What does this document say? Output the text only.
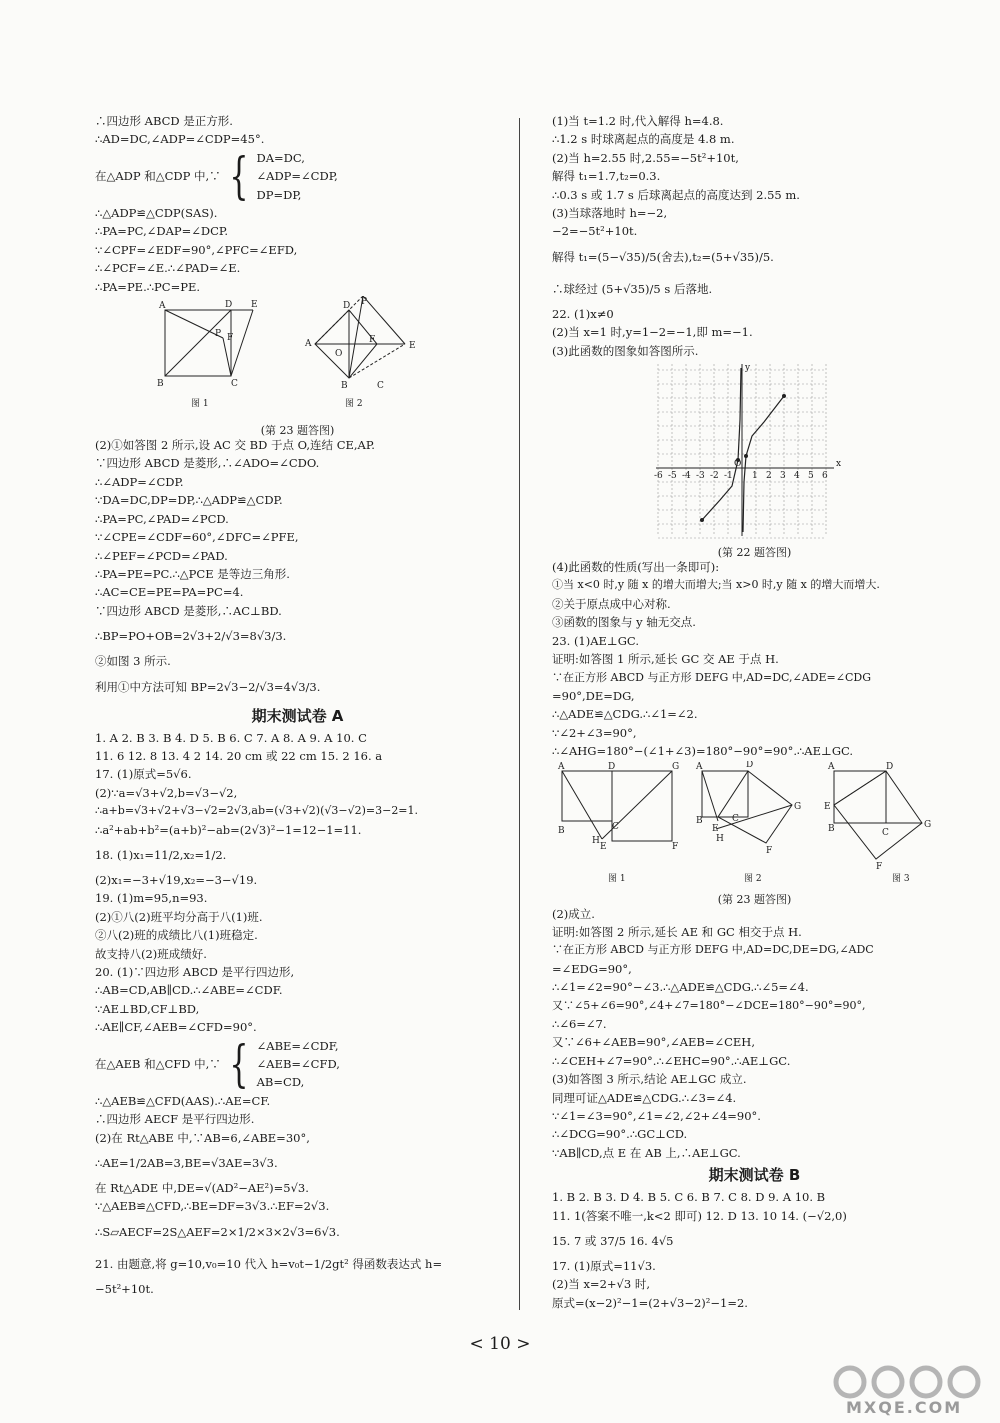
∴四边形 ABCD 是正方形.
∴AD=DC,∠ADP=∠CDP=45°.
在△ADP 和△CDP 中,∵ { DA=DC,
∠ADP=∠CDP,
DP=DP,
∴△ADP≌△CDP(SAS).
∴PA=PC,∠DAP=∠DCP.
∵∠CPF=∠EDF=90°,∠PFC=∠EFD,
∴∠PCF=∠E.∴∠PAD=∠E.
∴PA=PE.∴PC=PE.
A	D E
B	C
F
P
P
A
D
E
B	C
O
F
图 1	图 2
(第 23 题答图)
(2)①如答图 2 所示,设 AC 交 BD 于点 O,连结 CE,AP.
∵四边形 ABCD 是菱形,∴∠ADO=∠CDO.
∴∠ADP=∠CDP.
∵DA=DC,DP=DP,∴△ADP≌△CDP.
∴PA=PC,∠PAD=∠PCD.
∵∠CPE=∠CDF=60°,∠DFC=∠PFE,
∴∠PEF=∠PCD=∠PAD.
∴PA=PE=PC.∴△PCE 是等边三角形.
∴AC=CE=PE=PA=PC=4.
∵四边形 ABCD 是菱形,∴AC⊥BD.
∴BP=PO+OB=2√3+2/√3=8√3/3.
②如图 3 所示.
利用①中方法可知 BP=2√3−2/√3=4√3/3.
期末测试卷 A
1. A 2. B 3. B 4. D 5. B 6. C 7. A 8. A 9. A 10. C
11. 6 12. 8 13. 4 2 14. 20 cm 或 22 cm 15. 2 16. a
17. (1)原式=5√6.
(2)∵a=√3+√2,b=√3−√2,
∴a+b=√3+√2+√3−√2=2√3,ab=(√3+√2)(√3−√2)=3−2=1.
∴a²+ab+b²=(a+b)²−ab=(2√3)²−1=12−1=11.
18. (1)x₁=11/2,x₂=1/2.
(2)x₁=−3+√19,x₂=−3−√19.
19. (1)m=95,n=93.
(2)①八(2)班平均分高于八(1)班.
②八(2)班的成绩比八(1)班稳定.
故支持八(2)班成绩好.
20. (1)∵四边形 ABCD 是平行四边形,
∴AB=CD,AB∥CD.∴∠ABE=∠CDF.
∵AE⊥BD,CF⊥BD,
∴AE∥CF,∠AEB=∠CFD=90°.
在△AEB 和△CFD 中,∵ { ∠ABE=∠CDF,
∠AEB=∠CFD,
AB=CD,
∴△AEB≌△CFD(AAS).∴AE=CF.
∴四边形 AECF 是平行四边形.
(2)在 Rt△ABE 中,∵AB=6,∠ABE=30°,
∴AE=1/2AB=3,BE=√3AE=3√3.
在 Rt△ADE 中,DE=√(AD²−AE²)=5√3.
∵△AEB≌△CFD,∴BE=DF=3√3.∴EF=2√3.
∴S▱AECF=2S△AEF=2×1/2×3×2√3=6√3.
21. 由题意,将 g=10,v₀=10 代入 h=v₀t−1/2gt² 得函数表达式 h=
−5t²+10t.
(1)当 t=1.2 时,代入解得 h=4.8.
∴1.2 s 时球离起点的高度是 4.8 m.
(2)当 h=2.55 时,2.55=−5t²+10t,
解得 t₁=1.7,t₂=0.3.
∴0.3 s 或 1.7 s 后球离起点的高度达到 2.55 m.
(3)当球落地时 h=−2,
−2=−5t²+10t.
解得 t₁=(5−√35)/5(舍去),t₂=(5+√35)/5.
∴球经过 (5+√35)/5 s 后落地.
22. (1)x≠0
(2)当 x=1 时,y=1−2=−1,即 m=−1.
(3)此函数的图象如答图所示.
-6 -5 -4 -3 -2 -1 1 2 3 4 5 6
x
y
O
(第 22 题答图)
(4)此函数的性质(写出一条即可):
①当 x<0 时,y 随 x 的增大而增大;当 x>0 时,y 随 x 的增大而增大.
②关于原点成中心对称.
③函数的图象与 y 轴无交点.
23. (1)AE⊥GC.
证明:如答图 1 所示,延长 GC 交 AE 于点 H.
∵在正方形 ABCD 与正方形 DEFG 中,AD=DC,∠ADE=∠CDG
=90°,DE=DG,
∴△ADE≌△CDG.∴∠1=∠2.
∵∠2+∠3=90°,
∴∠AHG=180°−(∠1+∠3)=180°−90°=90°.∴AE⊥GC.
A	D	G
B	C
E	F
H
A	D
G
B	C
E
F
H
A	D
G
B	C
E
F
图 1	图 2	图 3
(第 23 题答图)
(2)成立.
证明:如答图 2 所示,延长 AE 和 GC 相交于点 H.
∵在正方形 ABCD 与正方形 DEFG 中,AD=DC,DE=DG,∠ADC
=∠EDG=90°,
∴∠1=∠2=90°−∠3.∴△ADE≌△CDG.∴∠5=∠4.
又∵∠5+∠6=90°,∠4+∠7=180°−∠DCE=180°−90°=90°,
∴∠6=∠7.
又∵∠6+∠AEB=90°,∠AEB=∠CEH,
∴∠CEH+∠7=90°.∴∠EHC=90°.∴AE⊥GC.
(3)如答图 3 所示,结论 AE⊥GC 成立.
同理可证△ADE≌△CDG.∴∠3=∠4.
∵∠1=∠3=90°,∠1=∠2,∠2+∠4=90°.
∴∠DCG=90°.∴GC⊥CD.
∵AB∥CD,点 E 在 AB 上,∴AE⊥GC.
期末测试卷 B
1. B 2. B 3. D 4. B 5. C 6. B 7. C 8. D 9. A 10. B
11. 1(答案不唯一,k<2 即可) 12. D 13. 10 14. (−√2,0)
15. 7 或 37/5 16. 4√5
17. (1)原式=11√3.
(2)当 x=2+√3 时,
原式=(x−2)²−1=(2+√3−2)²−1=2.
< 10 >
MXQE.COM
